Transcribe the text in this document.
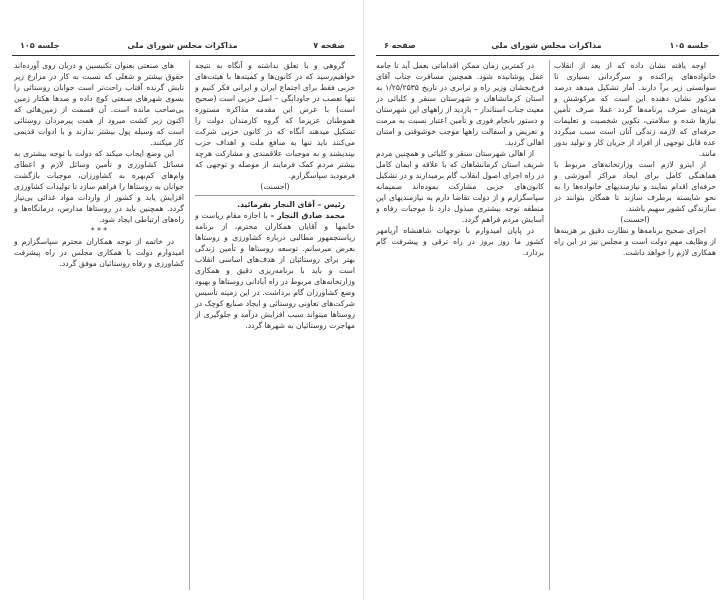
جلسه ۱۰۵	مذاکرات مجلس شورای ملی	صفحه ۷

گروهی و با تعلق نداشته و آنگاه به نتیجه خواهیم‌رسید که در کانون‌ها و کمیته‌ها با هیئت‌های حزبی فقط برای اجتماع ایران و ایرانی فکر کنیم و تنها تعصب در جاودانگی – اصل حزبی است (صحیح است) با عرض این مقدمه مذاکره مستوره همو‌طنان عزیزما که گروه کارمندان دولت را تشکیل میدهند آنگاه که در کانون حزبی شرکت می‌کنند باید تنها به منافع ملت و اهداف حزب بیندیشند و به موجبات علاقمندی و مشارکت هرچه بیشتر مردم کمک فرمایند از موصله و توجهی که فرمودید سپاسگزارم.

(احسنت)

رئیس – آقای النجار بفرمائید.

محمد صادق النجار – با اجازه مقام ریاست و خانمها و آقایان همکاران محترم، از برنامه ریاستجمهور مطالبی درباره کشاورزی و روستاها بعرض میرسانم. توسعه روستاها و تأمین زندگی بهتر برای روستائیان از هدف‌های اساسی انقلاب است و باید با برنامه‌ریزی دقیق و همکاری وزارتخانه‌های مربوط در راه آبادانی روستاها و بهبود وضع کشاورزان گام برداشت. در این زمینه تأسیس شرکت‌های تعاونی روستائی و ایجاد صنایع کوچک در روستاها میتواند سبب افزایش درآمد و جلوگیری از مهاجرت روستائیان به شهرها گردد.

های صنعتی بعنوان تکنیسین و دربان روی آورده‌اند حقوق بیشتر و شغلی که نسبت به کار در مزارع زیر تابش گرنده آفتاب راحت‌تر است جوانان روستائی را بسوی شهرهای صنعتی کوچ داده و صدها هکتار زمین بی‌صاحب مانده است. آن قسمت از زمین‌هائی که اکنون زیر کشت میرود از همت پیرمردان روستائی است که وسیله پول بیشتر ندارند و با ادوات قدیمی کار میکنند.

این وضع ایجاب میکند که دولت با توجه بیشتری به مسائل کشاورزی و تأمین وسائل لازم و اعطای وام‌های کم‌بهره به کشاورزان، موجبات بازگشت جوانان به روستاها را فراهم سازد تا تولیدات کشاورزی افزایش یابد و کشور از واردات مواد غذائی بی‌نیاز گردد. همچنین باید در روستاها مدارس، درمانگاه‌ها و راه‌های ارتباطی ایجاد شود.

* * *

در خاتمه از توجه همکاران محترم سپاسگزارم و امیدوارم دولت با همکاری مجلس در راه پیشرفت کشاورزی و رفاه روستائیان موفق گردد.

صفحه ۶	مذاکرات مجلس شورای ملی	جلسه ۱۰۵

اوجه یافته نشان داده که از بعد از انقلاب خانواده‌های پراکنده و سرگردانی بسیاری تا سوانستی زیر برآ دارند. آمار تشکیل میدهد درصد مذکور نشان دهنده این است که مرکوشش و هزینه‌ای صرف برنامه‌ها گردد عملا صرف تأمین نیازها شده و سلامتی، تکوین شخصیت و تعلیمات حرفه‌ای که لازمه زندگی آنان است سبب میگردد عده قابل توجهی از افراد از جریان کار و تولید بدور مانند.

از اینرو لازم است وزارتخانه‌های مربوط با هماهنگی کامل برای ایجاد مراکز آموزشی و حرفه‌ای اقدام نمایند و نیازمندیهای خانواده‌ها را به نحو شایسته برطرف سازند تا همگان بتوانند در سازندگی کشور سهیم باشند.

(احسنت)

اجرای صحیح برنامه‌ها و نظارت دقیق بر هزینه‌ها از وظایف مهم دولت است و مجلس نیز در این راه همکاری لازم را خواهد داشت.

در کمترین زمان ممکن اقداماتی بعمل آید تا جامه عمل پوشانیده شود. همچنین مسافرت جناب آقای فرح‌بخشان وزیر راه و ترابری در تاریخ ۱/۲۵/۲۵۳۵ به استان کرمانشاهان و شهرستان سنقر و کلیائی در معیت جناب استاندار – بازدید از راههای این شهرستان و دستور بانجام فوری و تأمین اعتبار نسبت به مرمت و تعریض و آسفالت راهها موجب خوشوقتی و امتنان اهالی گردید.

از اهالی شهرستان سنقر و کلیائی و همچنین مردم شریف استان کرمانشاهان که با علاقه و ایمان کامل در راه اجرای اصول انقلاب گام برمیدارند و در تشکیل کانون‌های حزبی مشارکت نموده‌اند صمیمانه سپاسگزارم و از دولت تقاضا دارم به نیازمندیهای این منطقه توجه بیشتری مبذول دارد تا موجبات رفاه و آسایش مردم فراهم گردد.

در پایان امیدوارم با توجهات شاهنشاه آریامهر کشور ما روز بروز در راه ترقی و پیشرفت گام بردارد.
